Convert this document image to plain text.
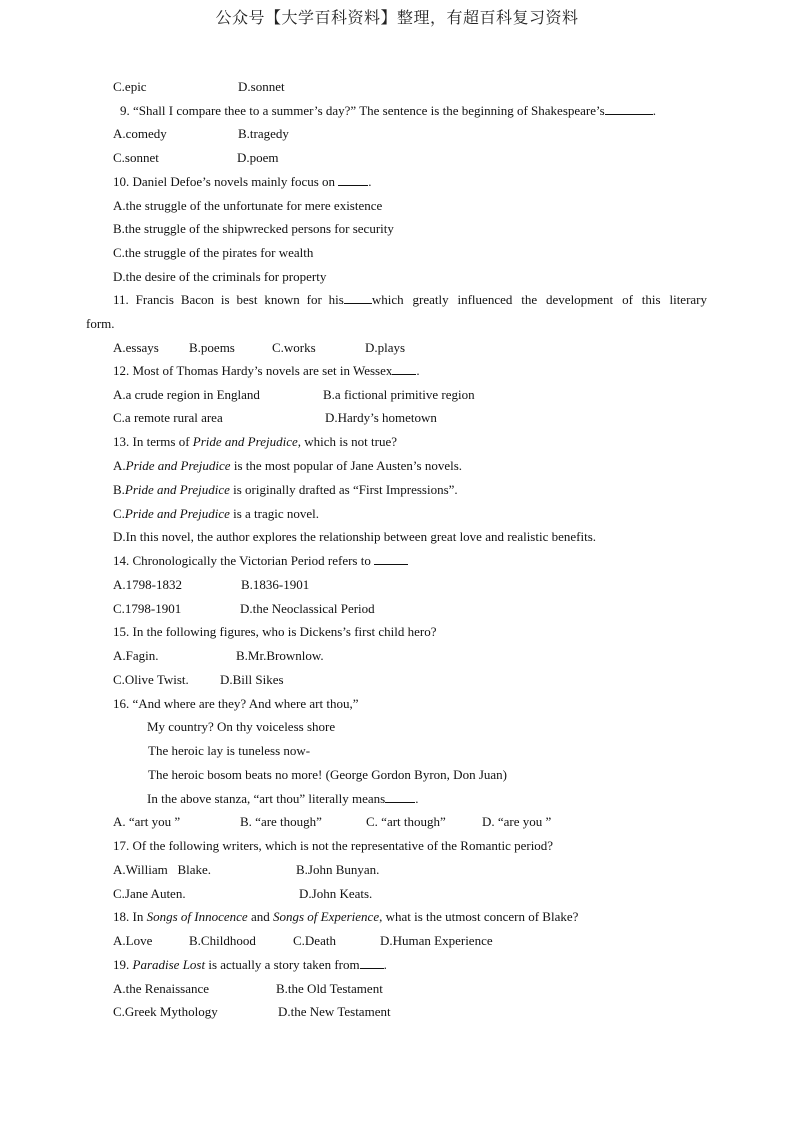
公众号【大学百科资料】整理，有超百科复习资料
C.epic	D.sonnet
9. “Shall I compare thee to a summer’s day?” The sentence is the beginning of Shakespeare’s	.
A.comedy	B.tragedy
C.sonnet	D.poem
10. Daniel Defoe’s novels mainly focus on	.
A.the struggle of the unfortunate for mere existence
B.the struggle of the shipwrecked persons for security
C.the struggle of the pirates for wealth
D.the desire of the criminals for property
11. Francis Bacon is best known for his which greatly influenced the development of this literary
form.
A.essays B.poems	C.works	D.plays
12. Most of Thomas Hardy’s novels are set in Wessex .
A.a crude region in England	B.a fictional primitive region
C.a remote rural area	D.Hardy’s hometown
13. In terms of Pride and Prejudice, which is not true?
A.Pride and Prejudice is the most popular of Jane Austen’s novels.
B.Pride and Prejudice is originally drafted as “First Impressions”.
C.Pride and Prejudice is a tragic novel.
D.In this novel, the author explores the relationship between great love and realistic benefits.
14. Chronologically the Victorian Period refers to
A.1798-1832	B.1836-1901
C.1798-1901	D.the Neoclassical Period
15. In the following figures, who is Dickens’s first child hero?
A.Fagin.	B.Mr.Brownlow.
C.Olive Twist. D.Bill Sikes
16. “And where are they? And where art thou,”
My country? On thy voiceless shore
The heroic lay is tuneless now-
The heroic bosom beats no more! (George Gordon Byron, Don Juan)
In the above stanza, “art thou” literally means .
A. “art you ”	B. “are though”	C. “art though”	D. “are you ”
17. Of the following writers, which is not the representative of the Romantic period?
A.William   Blake.	B.John Bunyan.
C.Jane Auten.	D.John Keats.
18. In Songs of Innocence and Songs of Experience, what is the utmost concern of Blake?
A.Love	B.Childhood	C.Death	D.Human Experience
19. Paradise Lost is actually a story taken from .
A.the Renaissance	B.the Old Testament
C.Greek Mythology	D.the New Testament
